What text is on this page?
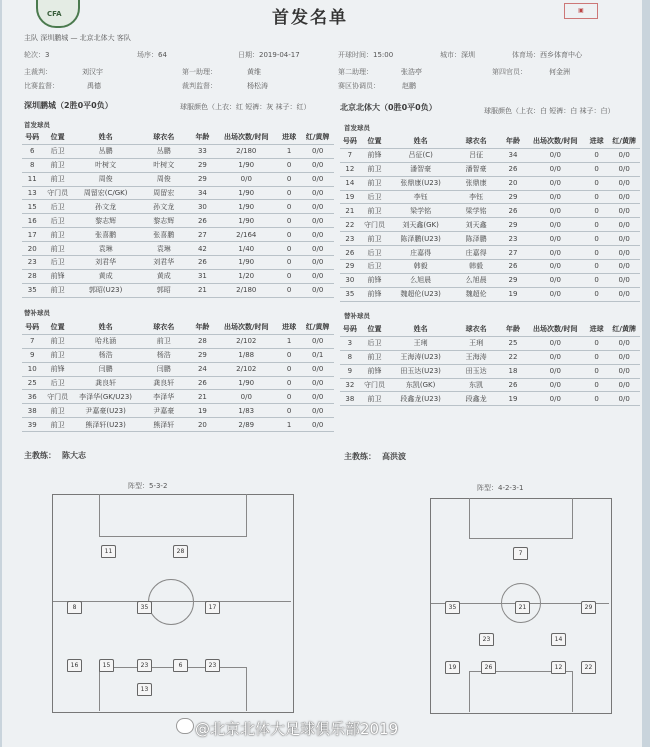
CFA	首发名单	▣
主队 深圳鹏城 — 北京北体大 客队
轮次：3	场序：64	日期：2019-04-17	开球时间：15:00	城市：深圳	体育场：西乡体育中心
主裁判：	刘汉宇	第一助理：	黄维	第二助理：	张浩亭	第四官员：	何金洲
比赛监督：	禹德	裁判监督：	杨松涛	赛区协调员：	赵鹏
深圳鹏城（2胜0平0负）	球服颜色（上衣：红 短裤：灰 袜子：红）
首发球员
北京北体大（0胜0平0负）	球服颜色（上衣：白 短裤：白 袜子：白）
首发球员
号码	位置	姓名	球衣名	年龄	出场次数/时间	进球	红/黄牌
6	后卫	丛鹏	丛鹏	33	2/180	1	0/0
8	前卫	叶树文	叶树文	29	1/90	0	0/0
11	前卫	周俊	周俊	29	0/0	0	0/0
13	守门员	周留宏(C/GK)	周留宏	34	1/90	0	0/0
15	后卫	孙文龙	孙文龙	30	1/90	0	0/0
16	后卫	黎志辉	黎志辉	26	1/90	0	0/0
17	前卫	张喜鹏	张喜鹏	27	2/164	0	0/0
20	前卫	袁琳	袁琳	42	1/40	0	0/0
23	后卫	刘君华	刘君华	26	1/90	0	0/0
28	前锋	黄成	黄成	31	1/20	0	0/0
35	前卫	郭昭(U23)	郭昭	21	2/180	0	0/0
替补球员
号码	位置	姓名	球衣名	年龄	出场次数/时间	进球	红/黄牌
7	前卫	哈兆涵	前卫	28	2/102	1	0/0
9	前卫	杨浩	杨浩	29	1/88	0	0/1
10	前锋	闫鹏	闫鹏	24	2/102	0	0/0
25	后卫	龚良轩	龚良轩	26	1/90	0	0/0
36	守门员	李泽华(GK/U23)	李泽华	21	0/0	0	0/0
38	前卫	尹嘉豪(U23)	尹嘉豪	19	1/83	0	0/0
39	前卫	熊泽轩(U23)	熊泽轩	20	2/89	1	0/0
号码	位置	姓名	球衣名	年龄	出场次数/时间	进球	红/黄牌
7	前锋	吕征(C)	吕征	34	0/0	0	0/0
12	前卫	潘智豪	潘智豪	26	0/0	0	0/0
14	前卫	张鼎康(U23)	张鼎康	20	0/0	0	0/0
19	后卫	李钰	李钰	29	0/0	0	0/0
21	前卫	梁学铭	梁学铭	26	0/0	0	0/0
22	守门员	刘天鑫(GK)	刘天鑫	29	0/0	0	0/0
23	前卫	陈泽鹏(U23)	陈泽鹏	23	0/0	0	0/0
26	后卫	庄嘉得	庄嘉得	27	0/0	0	0/0
29	后卫	韩毅	韩毅	26	0/0	0	0/0
30	前锋	么旭晨	么旭晨	29	0/0	0	0/0
35	前锋	魏超伦(U23)	魏超伦	19	0/0	0	0/0
替补球员
号码	位置	姓名	球衣名	年龄	出场次数/时间	进球	红/黄牌
3	后卫	王琍	王琍	25	0/0	0	0/0
8	前卫	王海涛(U23)	王海涛	22	0/0	0	0/0
9	前锋	田玉达(U23)	田玉达	18	0/0	0	0/0
32	守门员	东凯(GK)	东凯	26	0/0	0	0/0
38	前卫	段鑫龙(U23)	段鑫龙	19	0/0	0	0/0
主教练： 陈大志	主教练： 高洪波
阵型：5-3-2	阵型：4-2-3-1
11	28
8	35	17
16	15	23	6	23
13
7
35	21	29
23	14
19	26	12	22
@北京北体大足球俱乐部2019
